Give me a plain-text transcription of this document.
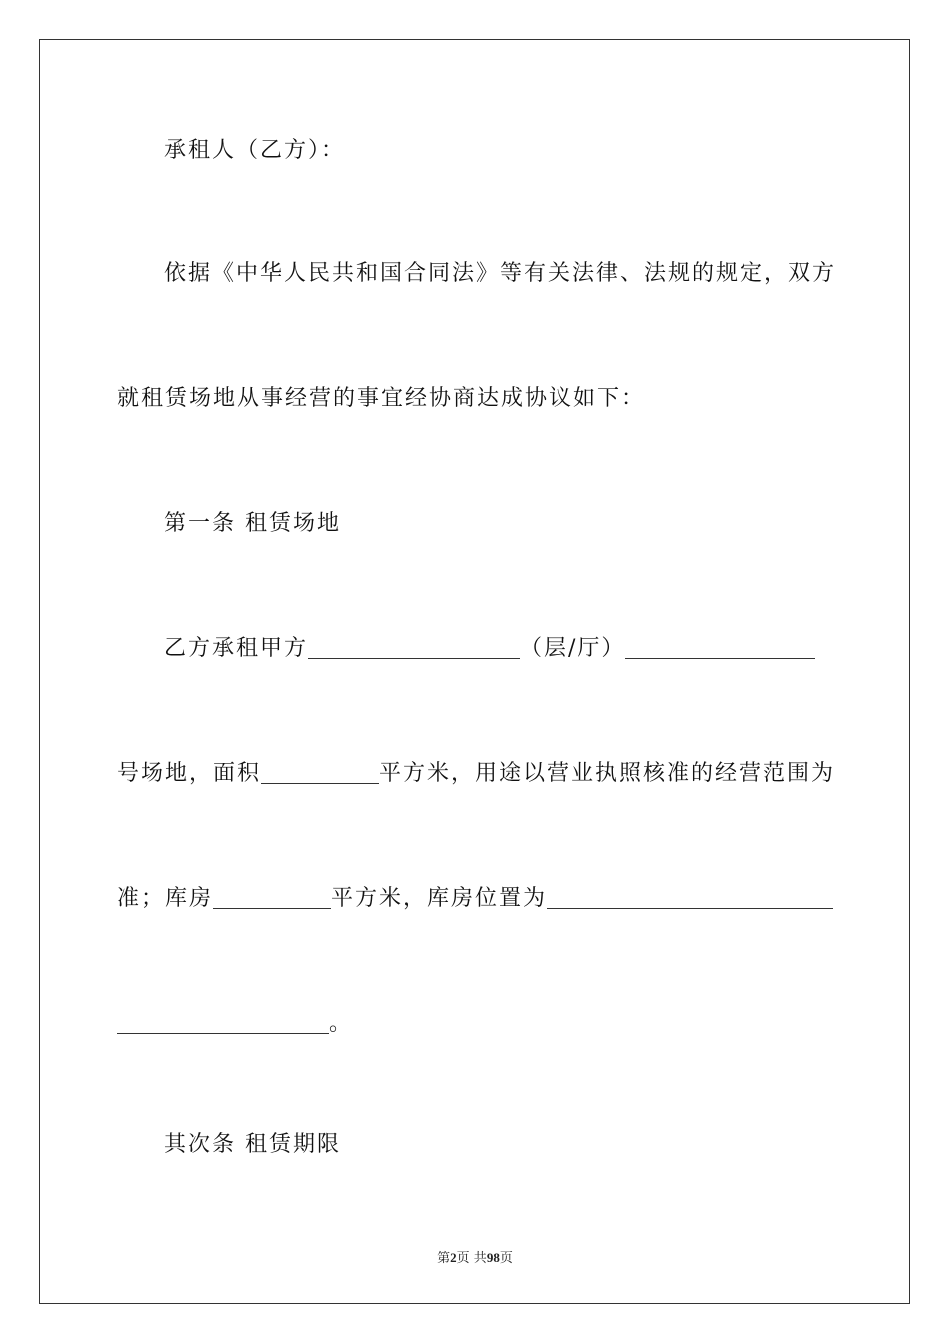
承租人（乙方）：
依据《中华人民共和国合同法》等有关法律、法规的规定，双方
就租赁场地从事经营的事宜经协商达成协议如下：
第一条 租赁场地
乙方承租甲方	（层/厅）
号场地，面积	平方米，用途以营业执照核准的经营范围为
准；库房	平方米，库房位置为
。
其次条 租赁期限
第2页 共98页
